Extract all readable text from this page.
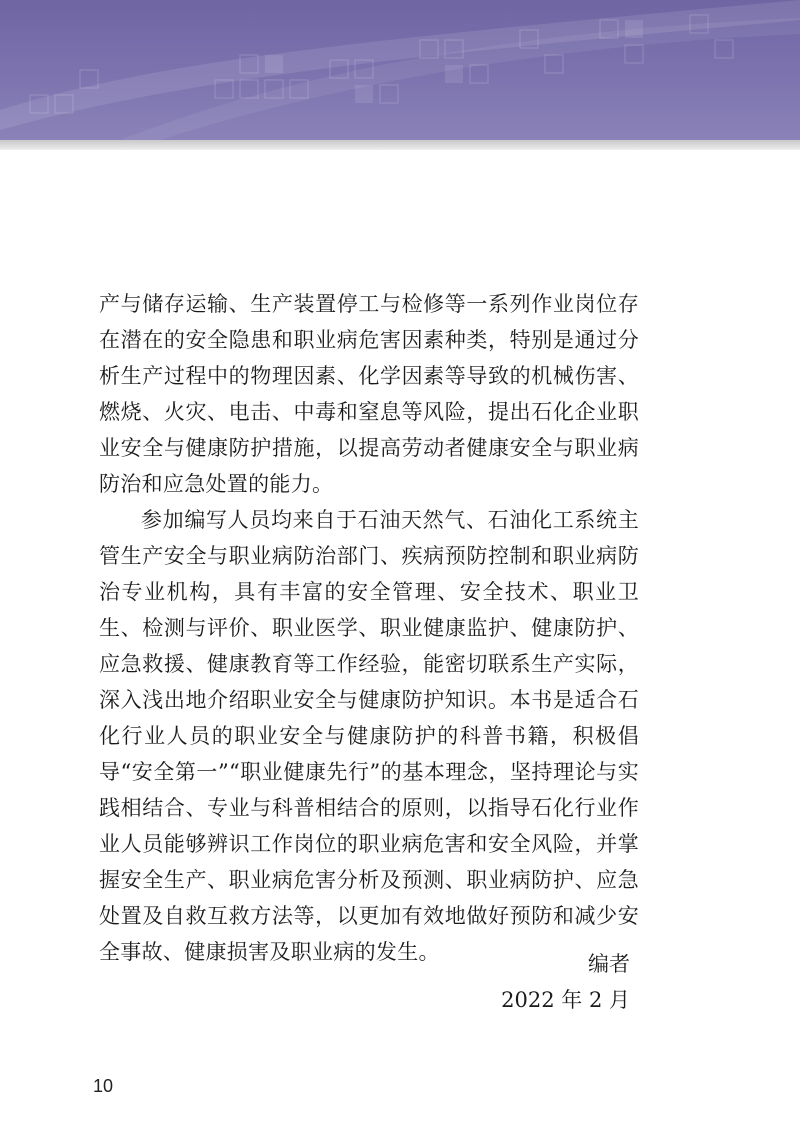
产与储存运输、生产装置停工与检修等一系列作业岗位存在潜在的安全隐患和职业病危害因素种类，特别是通过分析生产过程中的物理因素、化学因素等导致的机械伤害、燃烧、火灾、电击、中毒和窒息等风险，提出石化企业职业安全与健康防护措施，以提高劳动者健康安全与职业病防治和应急处置的能力。

参加编写人员均来自于石油天然气、石油化工系统主管生产安全与职业病防治部门、疾病预防控制和职业病防治专业机构，具有丰富的安全管理、安全技术、职业卫生、检测与评价、职业医学、职业健康监护、健康防护、应急救援、健康教育等工作经验，能密切联系生产实际，深入浅出地介绍职业安全与健康防护知识。本书是适合石化行业人员的职业安全与健康防护的科普书籍，积极倡导“安全第一”“职业健康先行”的基本理念，坚持理论与实践相结合、专业与科普相结合的原则，以指导石化行业作业人员能够辨识工作岗位的职业病危害和安全风险，并掌握安全生产、职业病危害分析及预测、职业病防护、应急处置及自救互救方法等，以更加有效地做好预防和减少安全事故、健康损害及职业病的发生。	编者
2022 年 2 月
10
